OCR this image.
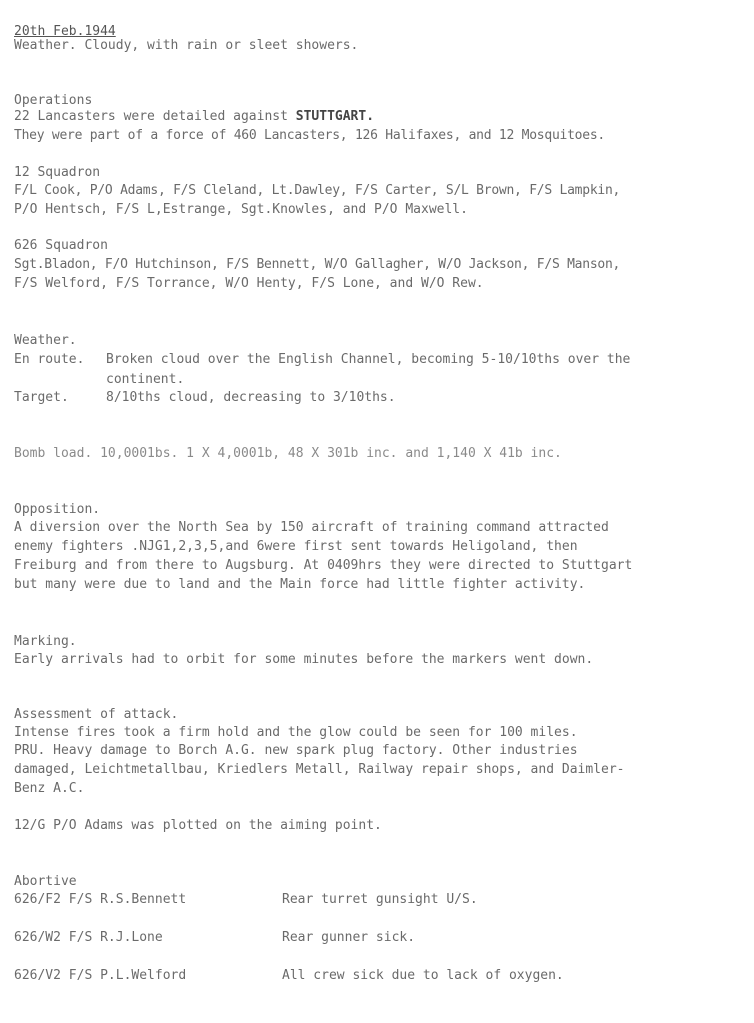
20th Feb.1944
Weather. Cloudy, with rain or sleet showers.
Operations
22 Lancasters were detailed against STUTTGART.
They were part of a force of 460 Lancasters, 126 Halifaxes, and 12 Mosquitoes.
12 Squadron
F/L Cook, P/O Adams, F/S Cleland, Lt.Dawley, F/S Carter, S/L Brown, F/S Lampkin,
P/O Hentsch, F/S L,Estrange, Sgt.Knowles, and P/O Maxwell.
626 Squadron
Sgt.Bladon, F/O Hutchinson, F/S Bennett, W/O Gallagher, W/O Jackson, F/S Manson,
F/S Welford, F/S Torrance, W/O Henty, F/S Lone, and W/O Rew.
Weather.
En route. Broken cloud over the English Channel, becoming 5-10/10ths over the
continent.
Target.	8/10ths cloud, decreasing to 3/10ths.
Bomb load. 10,0001bs. 1 X 4,0001b, 48 X 301b inc. and 1,140 X 41b inc.
Opposition.
A diversion over the North Sea by 150 aircraft of training command attracted
enemy fighters .NJG1,2,3,5,and 6were first sent towards Heligoland, then
Freiburg and from there to Augsburg. At 0409hrs they were directed to Stuttgart
but many were due to land and the Main force had little fighter activity.
Marking.
Early arrivals had to orbit for some minutes before the markers went down.
Assessment of attack.
Intense fires took a firm hold and the glow could be seen for 100 miles.
PRU. Heavy damage to Borch A.G. new spark plug factory. Other industries
damaged, Leichtmetallbau, Kriedlers Metall, Railway repair shops, and Daimler-
Benz A.C.
12/G P/O Adams was plotted on the aiming point.
Abortive
626/F2 F/S R.S.Bennett	Rear turret gunsight U/S.
626/W2 F/S R.J.Lone	Rear gunner sick.
626/V2 F/S P.L.Welford	All crew sick due to lack of oxygen.
